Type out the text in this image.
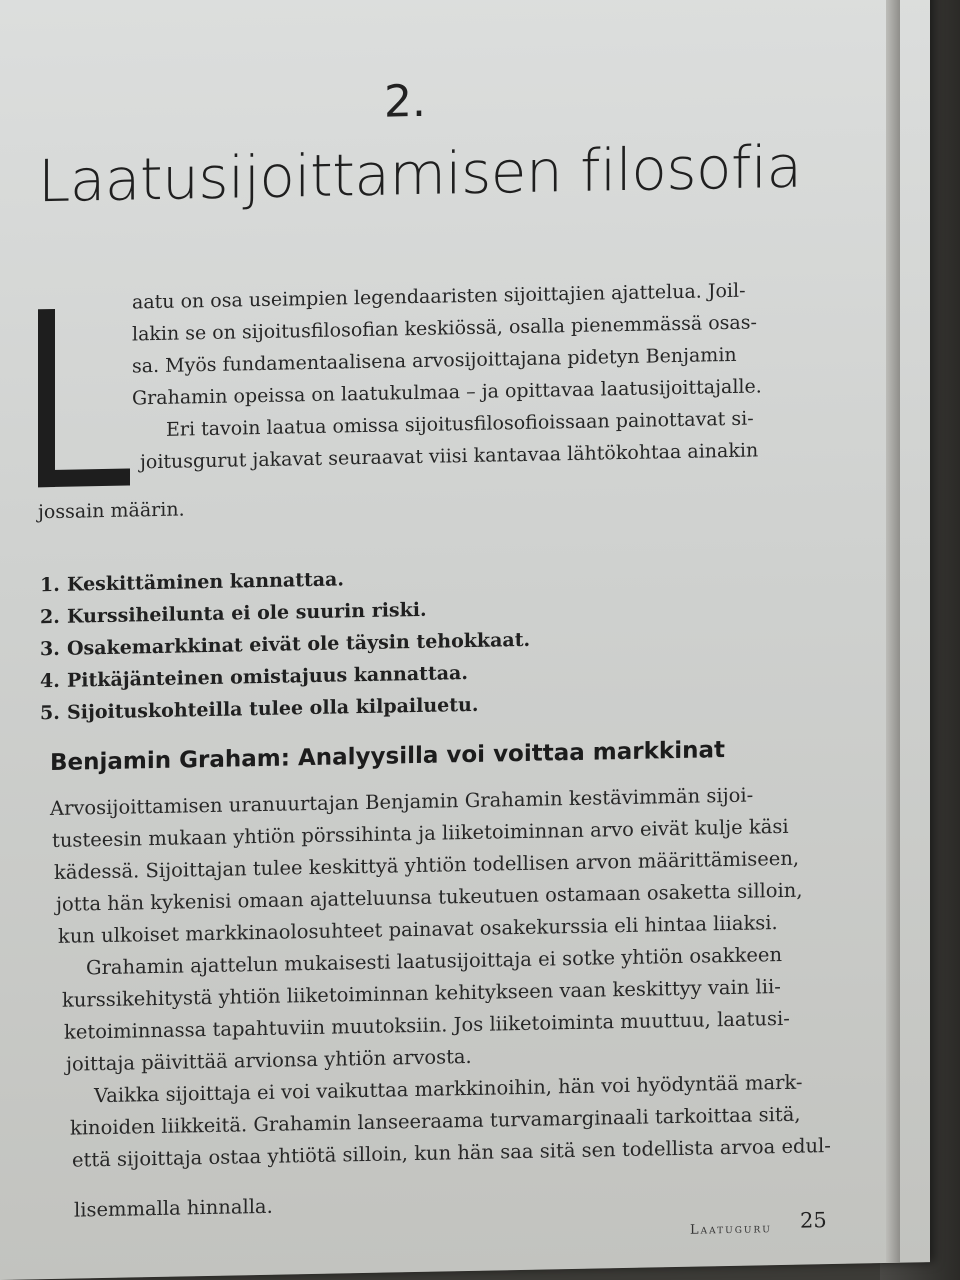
2.
Laatusijoittamisen filosofia
aatu on osa useimpien legendaaristen sijoittajien ajattelua. Joil-
lakin se on sijoitusfilosofian keskiössä, osalla pienemmässä osas-
sa. Myös fundamentaalisena arvosijoittajana pidetyn Benjamin
Grahamin opeissa on laatukulmaa – ja opittavaa laatusijoittajalle.
Eri tavoin laatua omissa sijoitusfilosofioissaan painottavat si-
joitusgurut jakavat seuraavat viisi kantavaa lähtökohtaa ainakin
jossain määrin.
1. Keskittäminen kannattaa.
2. Kurssiheilunta ei ole suurin riski.
3. Osakemarkkinat eivät ole täysin tehokkaat.
4. Pitkäjänteinen omistajuus kannattaa.
5. Sijoituskohteilla tulee olla kilpailuetu.
Benjamin Graham: Analyysilla voi voittaa markkinat
Arvosijoittamisen uranuurtajan Benjamin Grahamin kestävimmän sijoi-
tusteesin mukaan yhtiön pörssihinta ja liiketoiminnan arvo eivät kulje käsi
kädessä. Sijoittajan tulee keskittyä yhtiön todellisen arvon määrittämiseen,
jotta hän kykenisi omaan ajatteluunsa tukeutuen ostamaan osaketta silloin,
kun ulkoiset markkinaolosuhteet painavat osakekurssia eli hintaa liiaksi.
Grahamin ajattelun mukaisesti laatusijoittaja ei sotke yhtiön osakkeen
kurssikehitystä yhtiön liiketoiminnan kehitykseen vaan keskittyy vain lii-
ketoiminnassa tapahtuviin muutoksiin. Jos liiketoiminta muuttuu, laatusi-
joittaja päivittää arvionsa yhtiön arvosta.
Vaikka sijoittaja ei voi vaikuttaa markkinoihin, hän voi hyödyntää mark-
kinoiden liikkeitä. Grahamin lanseeraama turvamarginaali tarkoittaa sitä,
että sijoittaja ostaa yhtiötä silloin, kun hän saa sitä sen todellista arvoa edul-
lisemmalla hinnalla.
Laatuguru 25
